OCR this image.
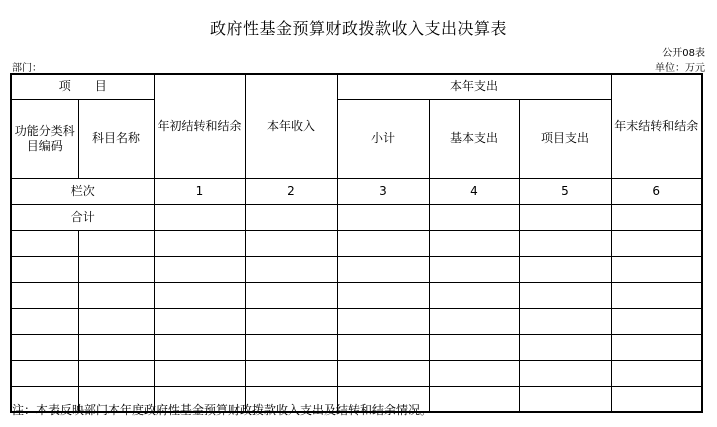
政府性基金预算财政拨款收入支出决算表
公开08表
部门：	单位：万元
项　　目		年初结转和结余	本年收入	本年支出			年末结转和结余
功能分类科目编码	科目名称			小计	基本支出	项目支出	
栏次		1	2	3	4	5	6
合计							

注：本表反映部门本年度政府性基金预算财政拨款收入支出及结转和结余情况。
